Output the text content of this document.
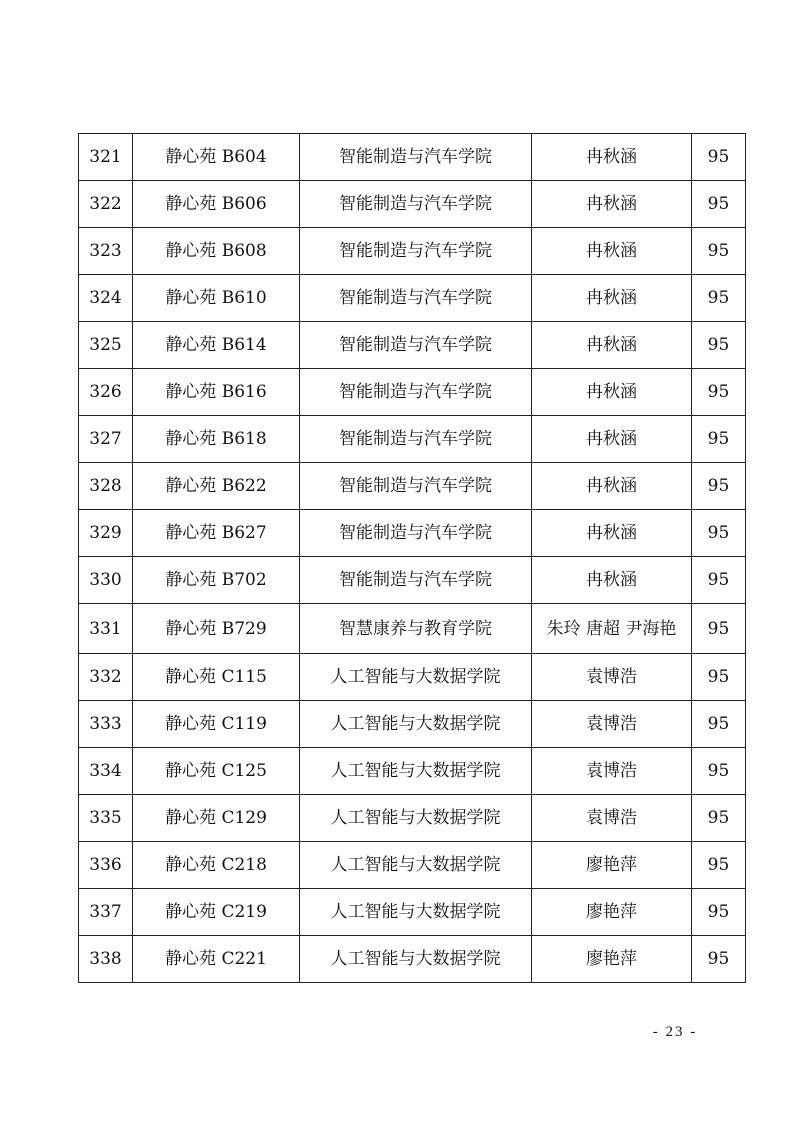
321	静心苑 B604	智能制造与汽车学院	冉秋涵	95
322	静心苑 B606	智能制造与汽车学院	冉秋涵	95
323	静心苑 B608	智能制造与汽车学院	冉秋涵	95
324	静心苑 B610	智能制造与汽车学院	冉秋涵	95
325	静心苑 B614	智能制造与汽车学院	冉秋涵	95
326	静心苑 B616	智能制造与汽车学院	冉秋涵	95
327	静心苑 B618	智能制造与汽车学院	冉秋涵	95
328	静心苑 B622	智能制造与汽车学院	冉秋涵	95
329	静心苑 B627	智能制造与汽车学院	冉秋涵	95
330	静心苑 B702	智能制造与汽车学院	冉秋涵	95
331	静心苑 B729	智慧康养与教育学院	朱玲 唐超 尹海艳	95
332	静心苑 C115	人工智能与大数据学院	袁博浩	95
333	静心苑 C119	人工智能与大数据学院	袁博浩	95
334	静心苑 C125	人工智能与大数据学院	袁博浩	95
335	静心苑 C129	人工智能与大数据学院	袁博浩	95
336	静心苑 C218	人工智能与大数据学院	廖艳萍	95
337	静心苑 C219	人工智能与大数据学院	廖艳萍	95
338	静心苑 C221	人工智能与大数据学院	廖艳萍	95
- 23 -
